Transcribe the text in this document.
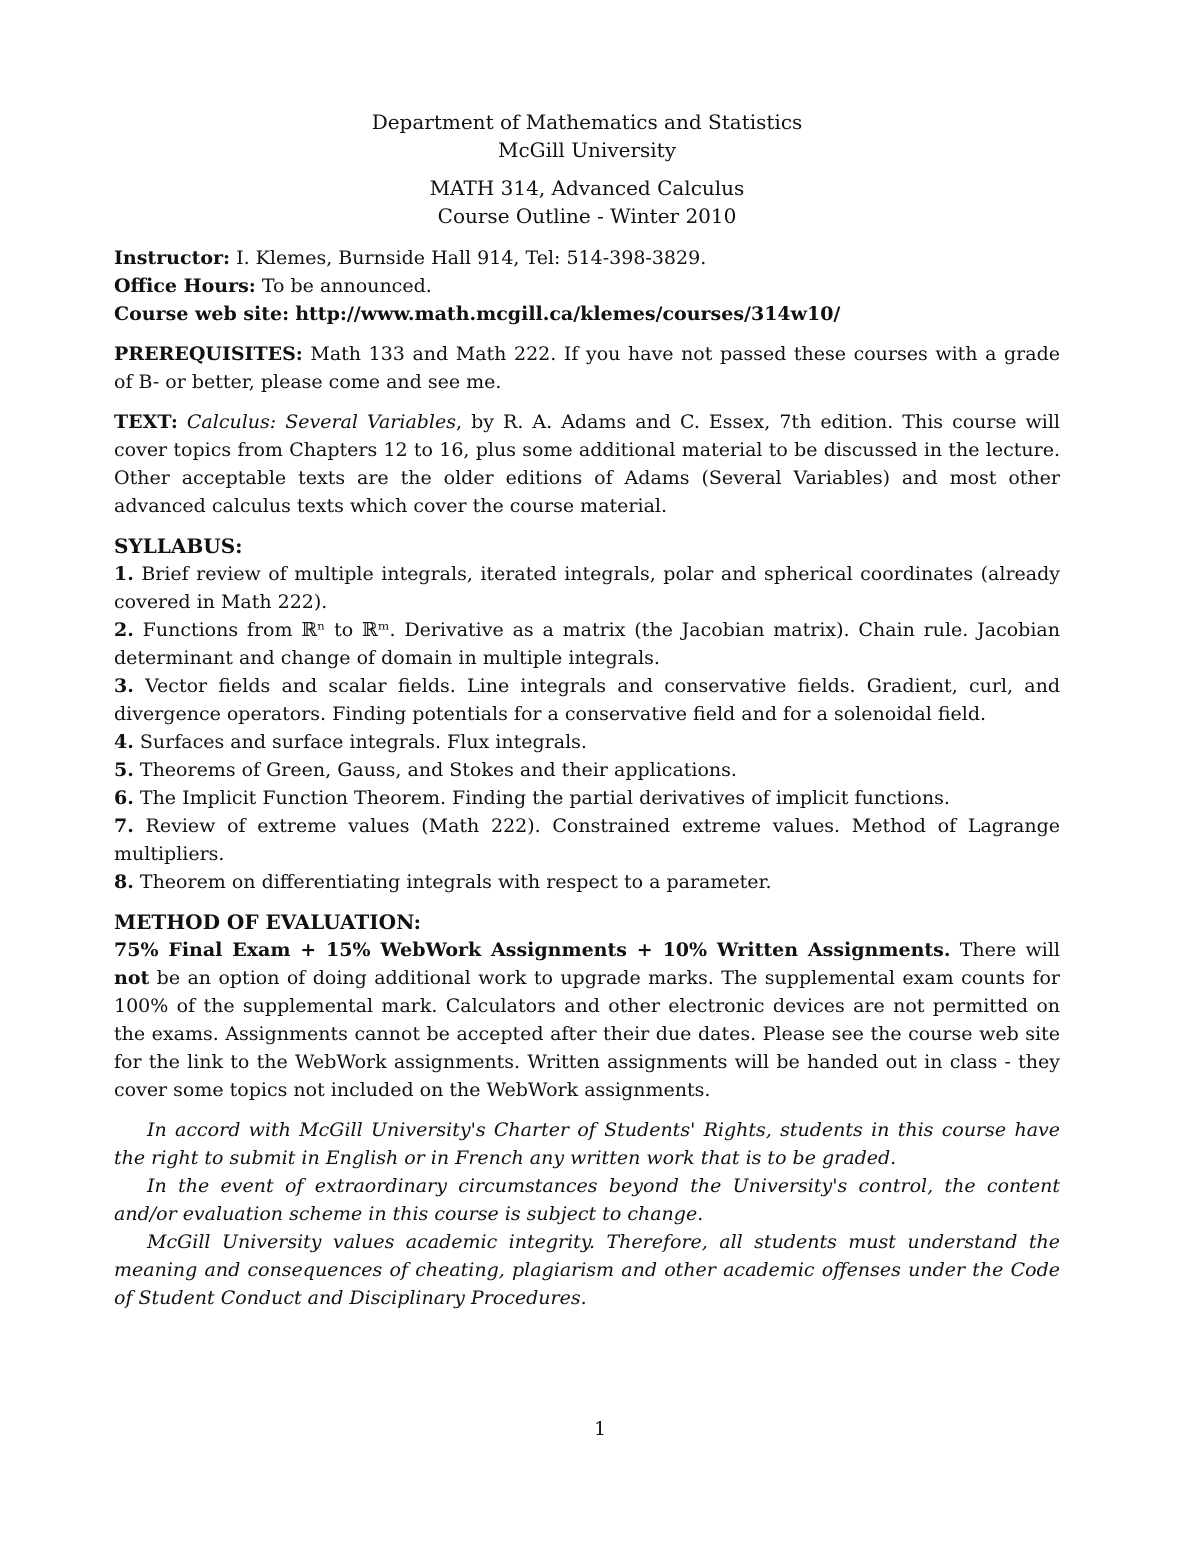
Department of Mathematics and Statistics
McGill University
MATH 314, Advanced Calculus
Course Outline - Winter 2010
Instructor: I. Klemes, Burnside Hall 914, Tel: 514-398-3829.
Office Hours: To be announced.
Course web site: http://www.math.mcgill.ca/klemes/courses/314w10/

PREREQUISITES: Math 133 and Math 222. If you have not passed these courses with a grade of B- or better, please come and see me.

TEXT: Calculus: Several Variables, by R. A. Adams and C. Essex, 7th edition. This course will cover topics from Chapters 12 to 16, plus some additional material to be discussed in the lecture. Other acceptable texts are the older editions of Adams (Several Variables) and most other advanced calculus texts which cover the course material.

SYLLABUS:
1. Brief review of multiple integrals, iterated integrals, polar and spherical coordinates (already covered in Math 222).
2. Functions from ℝⁿ to ℝᵐ. Derivative as a matrix (the Jacobian matrix). Chain rule. Jacobian determinant and change of domain in multiple integrals.
3. Vector fields and scalar fields. Line integrals and conservative fields. Gradient, curl, and divergence operators. Finding potentials for a conservative field and for a solenoidal field.
4. Surfaces and surface integrals. Flux integrals.
5. Theorems of Green, Gauss, and Stokes and their applications.
6. The Implicit Function Theorem. Finding the partial derivatives of implicit functions.
7. Review of extreme values (Math 222). Constrained extreme values. Method of Lagrange multipliers.
8. Theorem on differentiating integrals with respect to a parameter.
METHOD OF EVALUATION:

75% Final Exam + 15% WebWork Assignments + 10% Written Assignments. There will not be an option of doing additional work to upgrade marks. The supplemental exam counts for 100% of the supplemental mark. Calculators and other electronic devices are not permitted on the exams. Assignments cannot be accepted after their due dates. Please see the course web site for the link to the WebWork assignments. Written assignments will be handed out in class - they cover some topics not included on the WebWork assignments.

In accord with McGill University's Charter of Students' Rights, students in this course have the right to submit in English or in French any written work that is to be graded.

In the event of extraordinary circumstances beyond the University's control, the content and/or evaluation scheme in this course is subject to change.

McGill University values academic integrity. Therefore, all students must understand the meaning and consequences of cheating, plagiarism and other academic offenses under the Code of Student Conduct and Disciplinary Procedures.

1
